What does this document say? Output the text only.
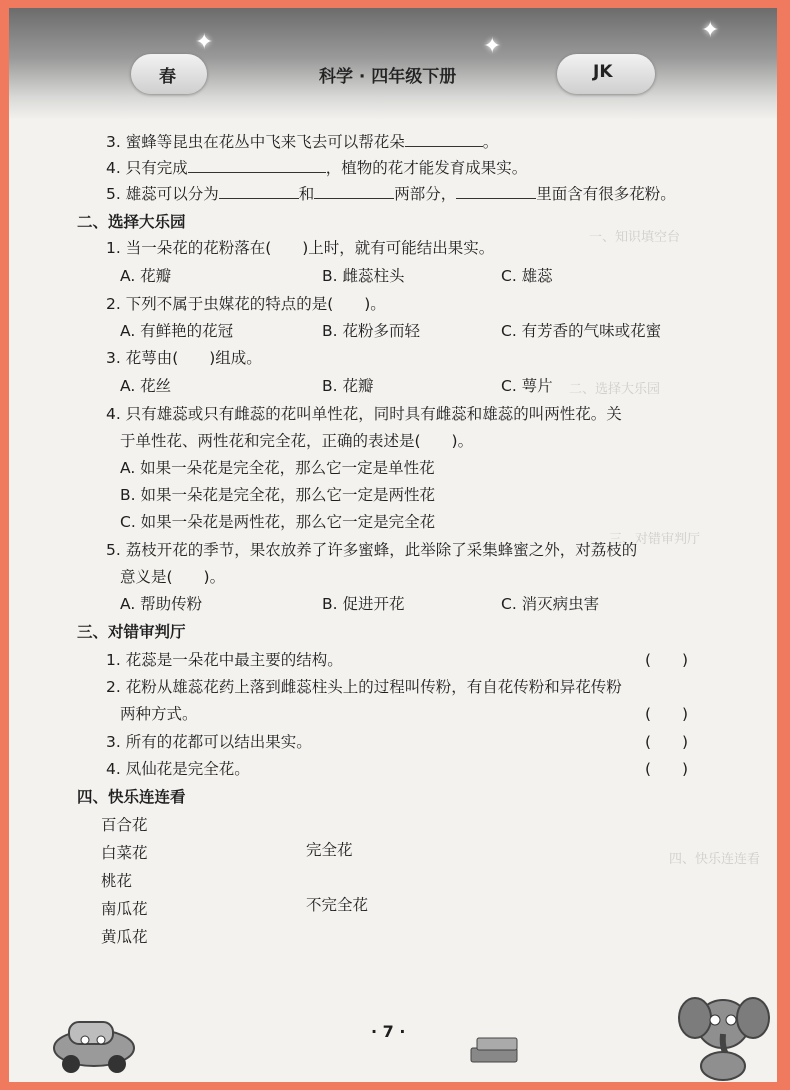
✦	✦
✦
春	科学 · 四年级下册	JK
一、知识填空台
二、选择大乐园
三、对错审判厅
四、快乐连连看
3. 蜜蜂等昆虫在花丛中飞来飞去可以帮花朵	。
4. 只有完成	，植物的花才能发育成果实。
5. 雄蕊可以分为	和	两部分，	里面含有很多花粉。
二、选择大乐园
1. 当一朵花的花粉落在(　　)上时，就有可能结出果实。
A. 花瓣	B. 雌蕊柱头	C. 雄蕊
2. 下列不属于虫媒花的特点的是(　　)。
A. 有鲜艳的花冠	B. 花粉多而轻	C. 有芳香的气味或花蜜
3. 花萼由(　　)组成。
A. 花丝	B. 花瓣	C. 萼片
4. 只有雄蕊或只有雌蕊的花叫单性花，同时具有雌蕊和雄蕊的叫两性花。关
于单性花、两性花和完全花，正确的表述是(　　)。
A. 如果一朵花是完全花，那么它一定是单性花
B. 如果一朵花是完全花，那么它一定是两性花
C. 如果一朵花是两性花，那么它一定是完全花
5. 荔枝开花的季节，果农放养了许多蜜蜂，此举除了采集蜂蜜之外，对荔枝的
意义是(　　)。
A. 帮助传粉	B. 促进开花	C. 消灭病虫害
三、对错审判厅
1. 花蕊是一朵花中最主要的结构。	(　　)
2. 花粉从雄蕊花药上落到雌蕊柱头上的过程叫传粉，有自花传粉和异花传粉
两种方式。	(　　)
3. 所有的花都可以结出果实。	(　　)
4. 凤仙花是完全花。	(　　)
四、快乐连连看
百合花
白菜花
桃花
南瓜花
黄瓜花
完全花
不完全花
· 7 ·
